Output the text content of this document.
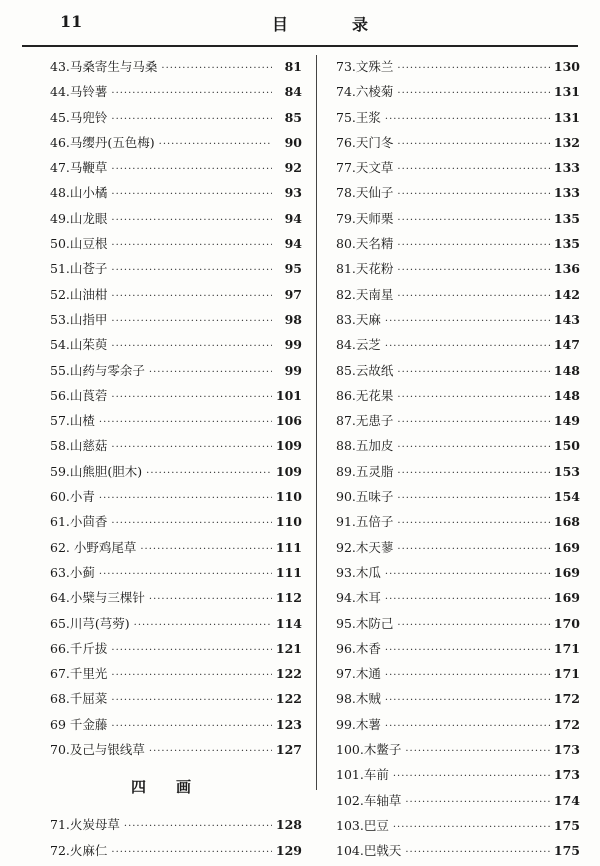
11	目	录
43.马桑寄生与马桑 ·····	81
44.马铃薯 ·····	84
45.马兜铃 ·····	85
46.马缨丹(五色梅) ·····	90
47.马鞭草 ·····	92
48.山小橘 ·····	93
49.山龙眼 ·····	94
50.山豆根 ·····	94
51.山苍子 ·····	95
52.山油柑 ·····	97
53.山指甲 ·····	98
54.山茱萸 ·····	99
55.山药与零余子 ·····	99
56.山莨菪 ·····	101
57.山楂 ·····	106
58.山慈菇 ·····	109
59.山熊胆(胆木) ·····	109
60.小青 ·····	110
61.小茴香 ·····	110
62. 小野鸡尾草 ·····	111
63.小蓟 ·····	111
64.小檗与三棵针 ·····	112
65.川芎(芎䓖) ·····	114
66.千斤拔 ·····	121
67.千里光 ·····	122
68.千屈菜 ·····	122
69 千金藤 ·····	123
70.及己与银线草 ·····	127
四画
71.火炭母草 ·····	128
72.火麻仁 ·····	129
73.文殊兰 ·····	130
74.六棱菊 ·····	131
75.王浆 ·····	131
76.天门冬 ·····	132
77.天文草 ·····	133
78.天仙子 ·····	133
79.天师栗 ·····	135
80.天名精 ·····	135
81.天花粉 ·····	136
82.天南星 ·····	142
83.天麻 ·····	143
84.云芝 ·····	147
85.云故纸 ·····	148
86.无花果 ·····	148
87.无患子 ·····	149
88.五加皮 ·····	150
89.五灵脂 ·····	153
90.五味子 ·····	154
91.五倍子 ·····	168
92.木天蓼 ·····	169
93.木瓜 ·····	169
94.木耳 ·····	169
95.木防己 ·····	170
96.木香 ·····	171
97.木通 ·····	171
98.木贼 ·····	172
99.木薯 ·····	172
100.木鳖子 ·····	173
101.车前 ·····	173
102.车轴草 ·····	174
103.巴豆 ·····	175
104.巴戟天 ·····	175
